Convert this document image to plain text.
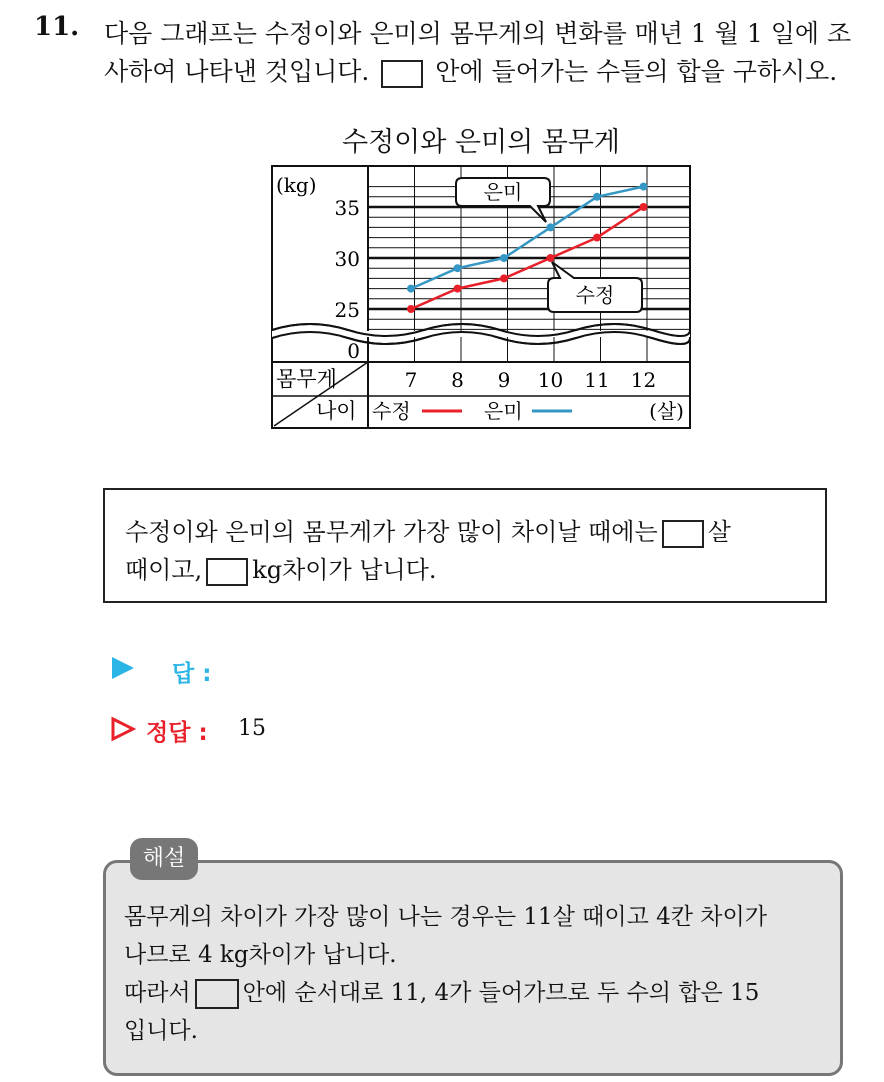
11. 다음 그래프는 수정이와 은미의 몸무게의 변화를 매년 1 월 1 일에 조
사하여 나타낸 것입니다.	안에 들어가는 수들의 합을 구하시오.
수정이와 은미의 몸무게
(kg)
35
30
25
0
몸무게
나이
7 8 9 10 11 12
수정	은미	(살)
은미
수정
수정이와 은미의 몸무게가 가장 많이 차이날 때에는 살
때이고, kg차이가 납니다.
답 :
정답 : 15
해설
몸무게의 차이가 가장 많이 나는 경우는 11살 때이고 4칸 차이가
나므로 4 kg차이가 납니다.
따라서 안에 순서대로 11, 4가 들어가므로 두 수의 합은 15
입니다.
